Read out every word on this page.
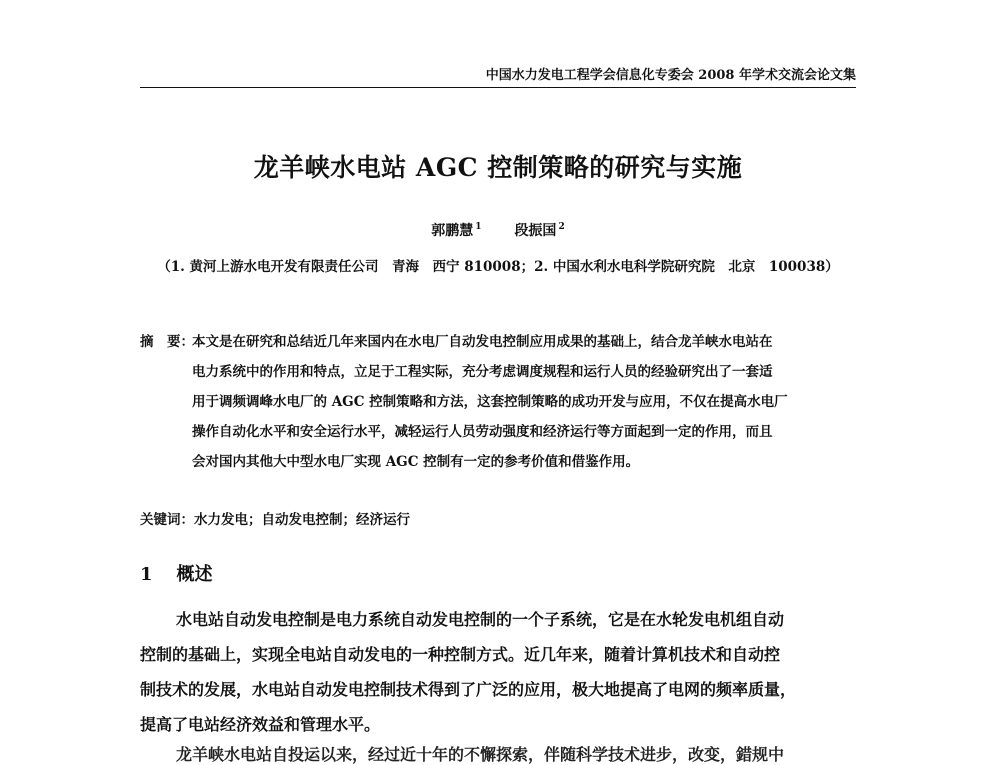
中国水力发电工程学会信息化专委会 2008 年学术交流会论文集
龙羊峡水电站 AGC 控制策略的研究与实施
郭鹏慧 $^1$ 段振国 $^2$
（1. 黄河上游水电开发有限责任公司　青海　西宁 810008；2. 中国水利水电科学院研究院　北京　100038）
摘　要：
本文是在研究和总结近几年来国内在水电厂自动发电控制应用成果的基础上，结合龙羊峡水电站在
电力系统中的作用和特点，立足于工程实际，充分考虑调度规程和运行人员的经验研究出了一套适
用于调频调峰水电厂的 AGC 控制策略和方法，这套控制策略的成功开发与应用，不仅在提高水电厂
操作自动化水平和安全运行水平，减轻运行人员劳动强度和经济运行等方面起到一定的作用，而且
会对国内其他大中型水电厂实现 AGC 控制有一定的参考价值和借鉴作用。
关键词：水力发电；自动发电控制；经济运行
1 概述
水电站自动发电控制是电力系统自动发电控制的一个子系统，它是在水轮发电机组自动
控制的基础上，实现全电站自动发电的一种控制方式。近几年来，随着计算机技术和自动控
制技术的发展，水电站自动发电控制技术得到了广泛的应用，极大地提高了电网的频率质量，
提高了电站经济效益和管理水平。
龙羊峡水电站自投运以来，经过近十年的不懈探索，伴随科学技术进步，改变，錯规中
